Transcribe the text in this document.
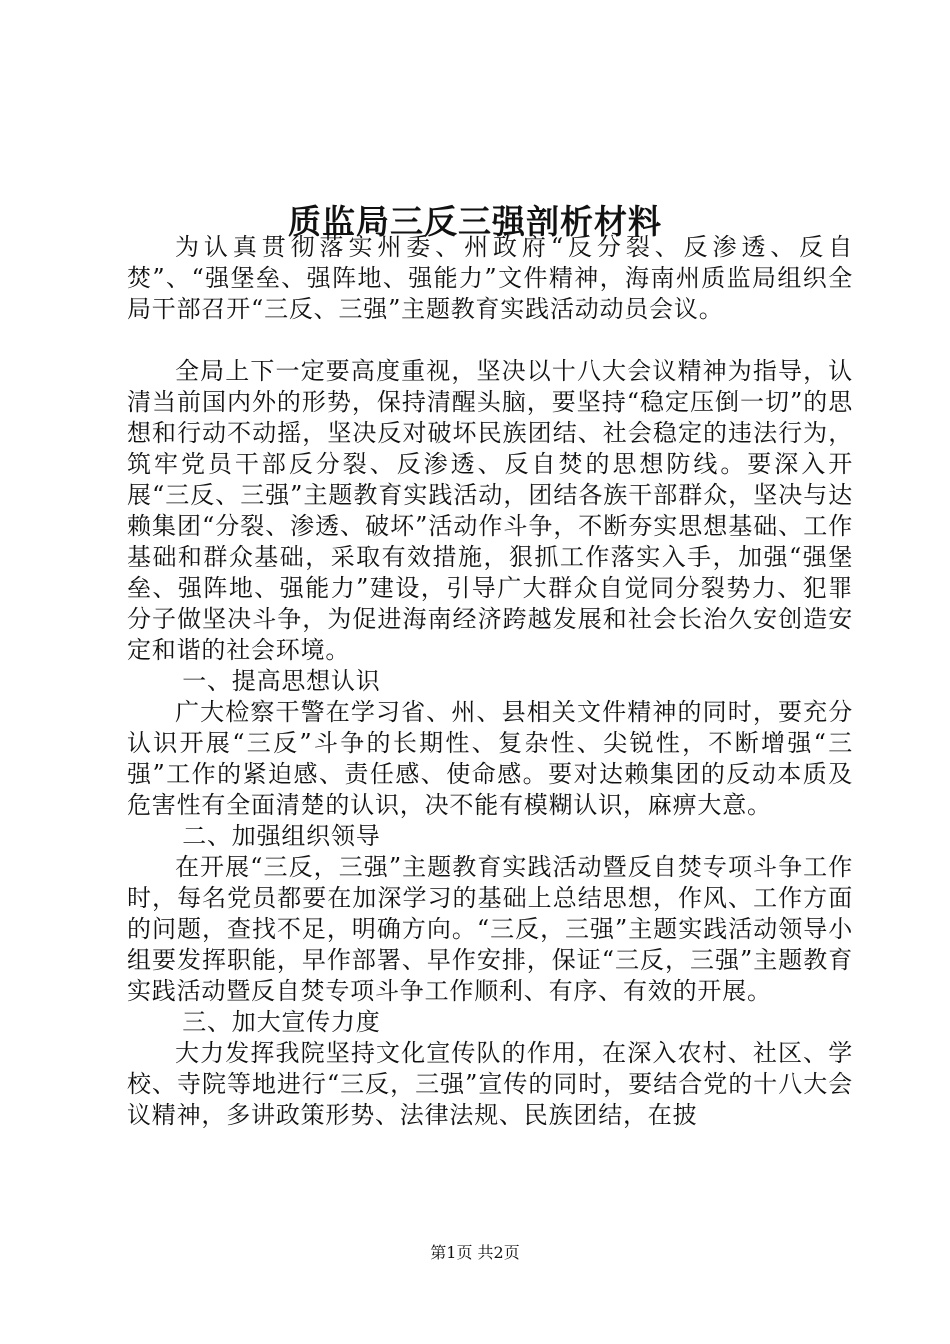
质监局三反三强剖析材料

为认真贯彻落实州委、州政府“反分裂、反渗透、反自焚”、“强堡垒、强阵地、强能力”文件精神，海南州质监局组织全局干部召开“三反、三强”主题教育实践活动动员会议。

全局上下一定要高度重视，坚决以十八大会议精神为指导，认清当前国内外的形势，保持清醒头脑，要坚持“稳定压倒一切”的思想和行动不动摇，坚决反对破坏民族团结、社会稳定的违法行为，筑牢党员干部反分裂、反渗透、反自焚的思想防线。要深入开展“三反、三强”主题教育实践活动，团结各族干部群众，坚决与达赖集团“分裂、渗透、破坏”活动作斗争，不断夯实思想基础、工作基础和群众基础，采取有效措施，狠抓工作落实入手，加强“强堡垒、强阵地、强能力”建设，引导广大群众自觉同分裂势力、犯罪分子做坚决斗争，为促进海南经济跨越发展和社会长治久安创造安定和谐的社会环境。

一、提高思想认识

广大检察干警在学习省、州、县相关文件精神的同时，要充分认识开展“三反”斗争的长期性、复杂性、尖锐性，不断增强“三强”工作的紧迫感、责任感、使命感。要对达赖集团的反动本质及危害性有全面清楚的认识，决不能有模糊认识，麻痹大意。

二、加强组织领导

在开展“三反，三强”主题教育实践活动暨反自焚专项斗争工作时，每名党员都要在加深学习的基础上总结思想，作风、工作方面的问题，查找不足，明确方向。“三反，三强”主题实践活动领导小组要发挥职能，早作部署、早作安排，保证“三反，三强”主题教育实践活动暨反自焚专项斗争工作顺利、有序、有效的开展。

三、加大宣传力度

大力发挥我院坚持文化宣传队的作用，在深入农村、社区、学校、寺院等地进行“三反，三强”宣传的同时，要结合党的十八大会议精神，多讲政策形势、法律法规、民族团结，在披

第1页 共2页
